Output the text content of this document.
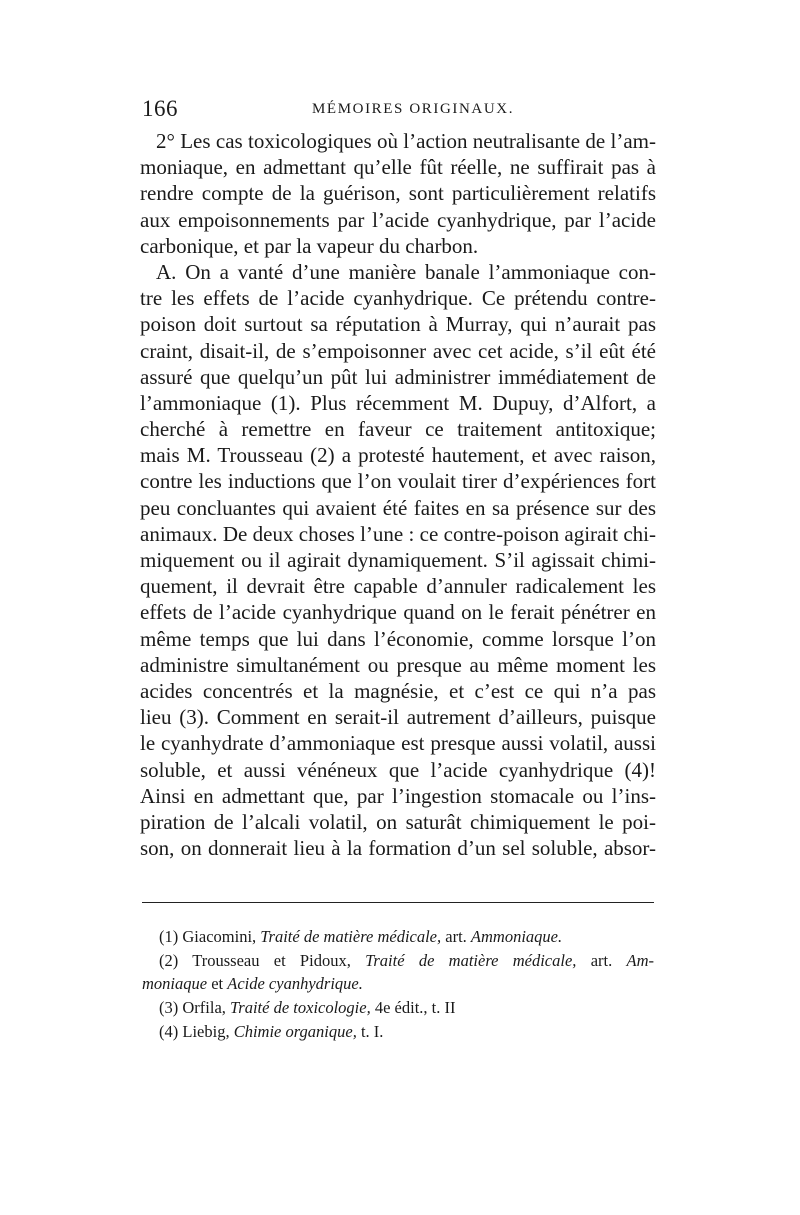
166	MÉMOIRES ORIGINAUX.
2° Les cas toxicologiques où l’action neutralisante de l’am-
moniaque, en admettant qu’elle fût réelle, ne suffirait pas à
rendre compte de la guérison, sont particulièrement relatifs
aux empoisonnements par l’acide cyanhydrique, par l’acide
carbonique, et par la vapeur du charbon.
A. On a vanté d’une manière banale l’ammoniaque con-
tre les effets de l’acide cyanhydrique. Ce prétendu contre-
poison doit surtout sa réputation à Murray, qui n’aurait pas
craint, disait-il, de s’empoisonner avec cet acide, s’il eût été
assuré que quelqu’un pût lui administrer immédiatement de
l’ammoniaque (1). Plus récemment M. Dupuy, d’Alfort, a
cherché à remettre en faveur ce traitement antitoxique;
mais M. Trousseau (2) a protesté hautement, et avec raison,
contre les inductions que l’on voulait tirer d’expériences fort
peu concluantes qui avaient été faites en sa présence sur des
animaux. De deux choses l’une : ce contre-poison agirait chi-
miquement ou il agirait dynamiquement. S’il agissait chimi-
quement, il devrait être capable d’annuler radicalement les
effets de l’acide cyanhydrique quand on le ferait pénétrer en
même temps que lui dans l’économie, comme lorsque l’on
administre simultanément ou presque au même moment les
acides concentrés et la magnésie, et c’est ce qui n’a pas
lieu (3). Comment en serait-il autrement d’ailleurs, puisque
le cyanhydrate d’ammoniaque est presque aussi volatil, aussi
soluble, et aussi vénéneux que l’acide cyanhydrique (4)!
Ainsi en admettant que, par l’ingestion stomacale ou l’ins-
piration de l’alcali volatil, on saturât chimiquement le poi-
son, on donnerait lieu à la formation d’un sel soluble, absor-
(1) Giacomini, Traité de matière médicale, art. Ammoniaque.
(2) Trousseau et Pidoux, Traité de matière médicale, art. Am-
moniaque et Acide cyanhydrique.
(3) Orfila, Traité de toxicologie, 4e édit., t. II
(4) Liebig, Chimie organique, t. I.
